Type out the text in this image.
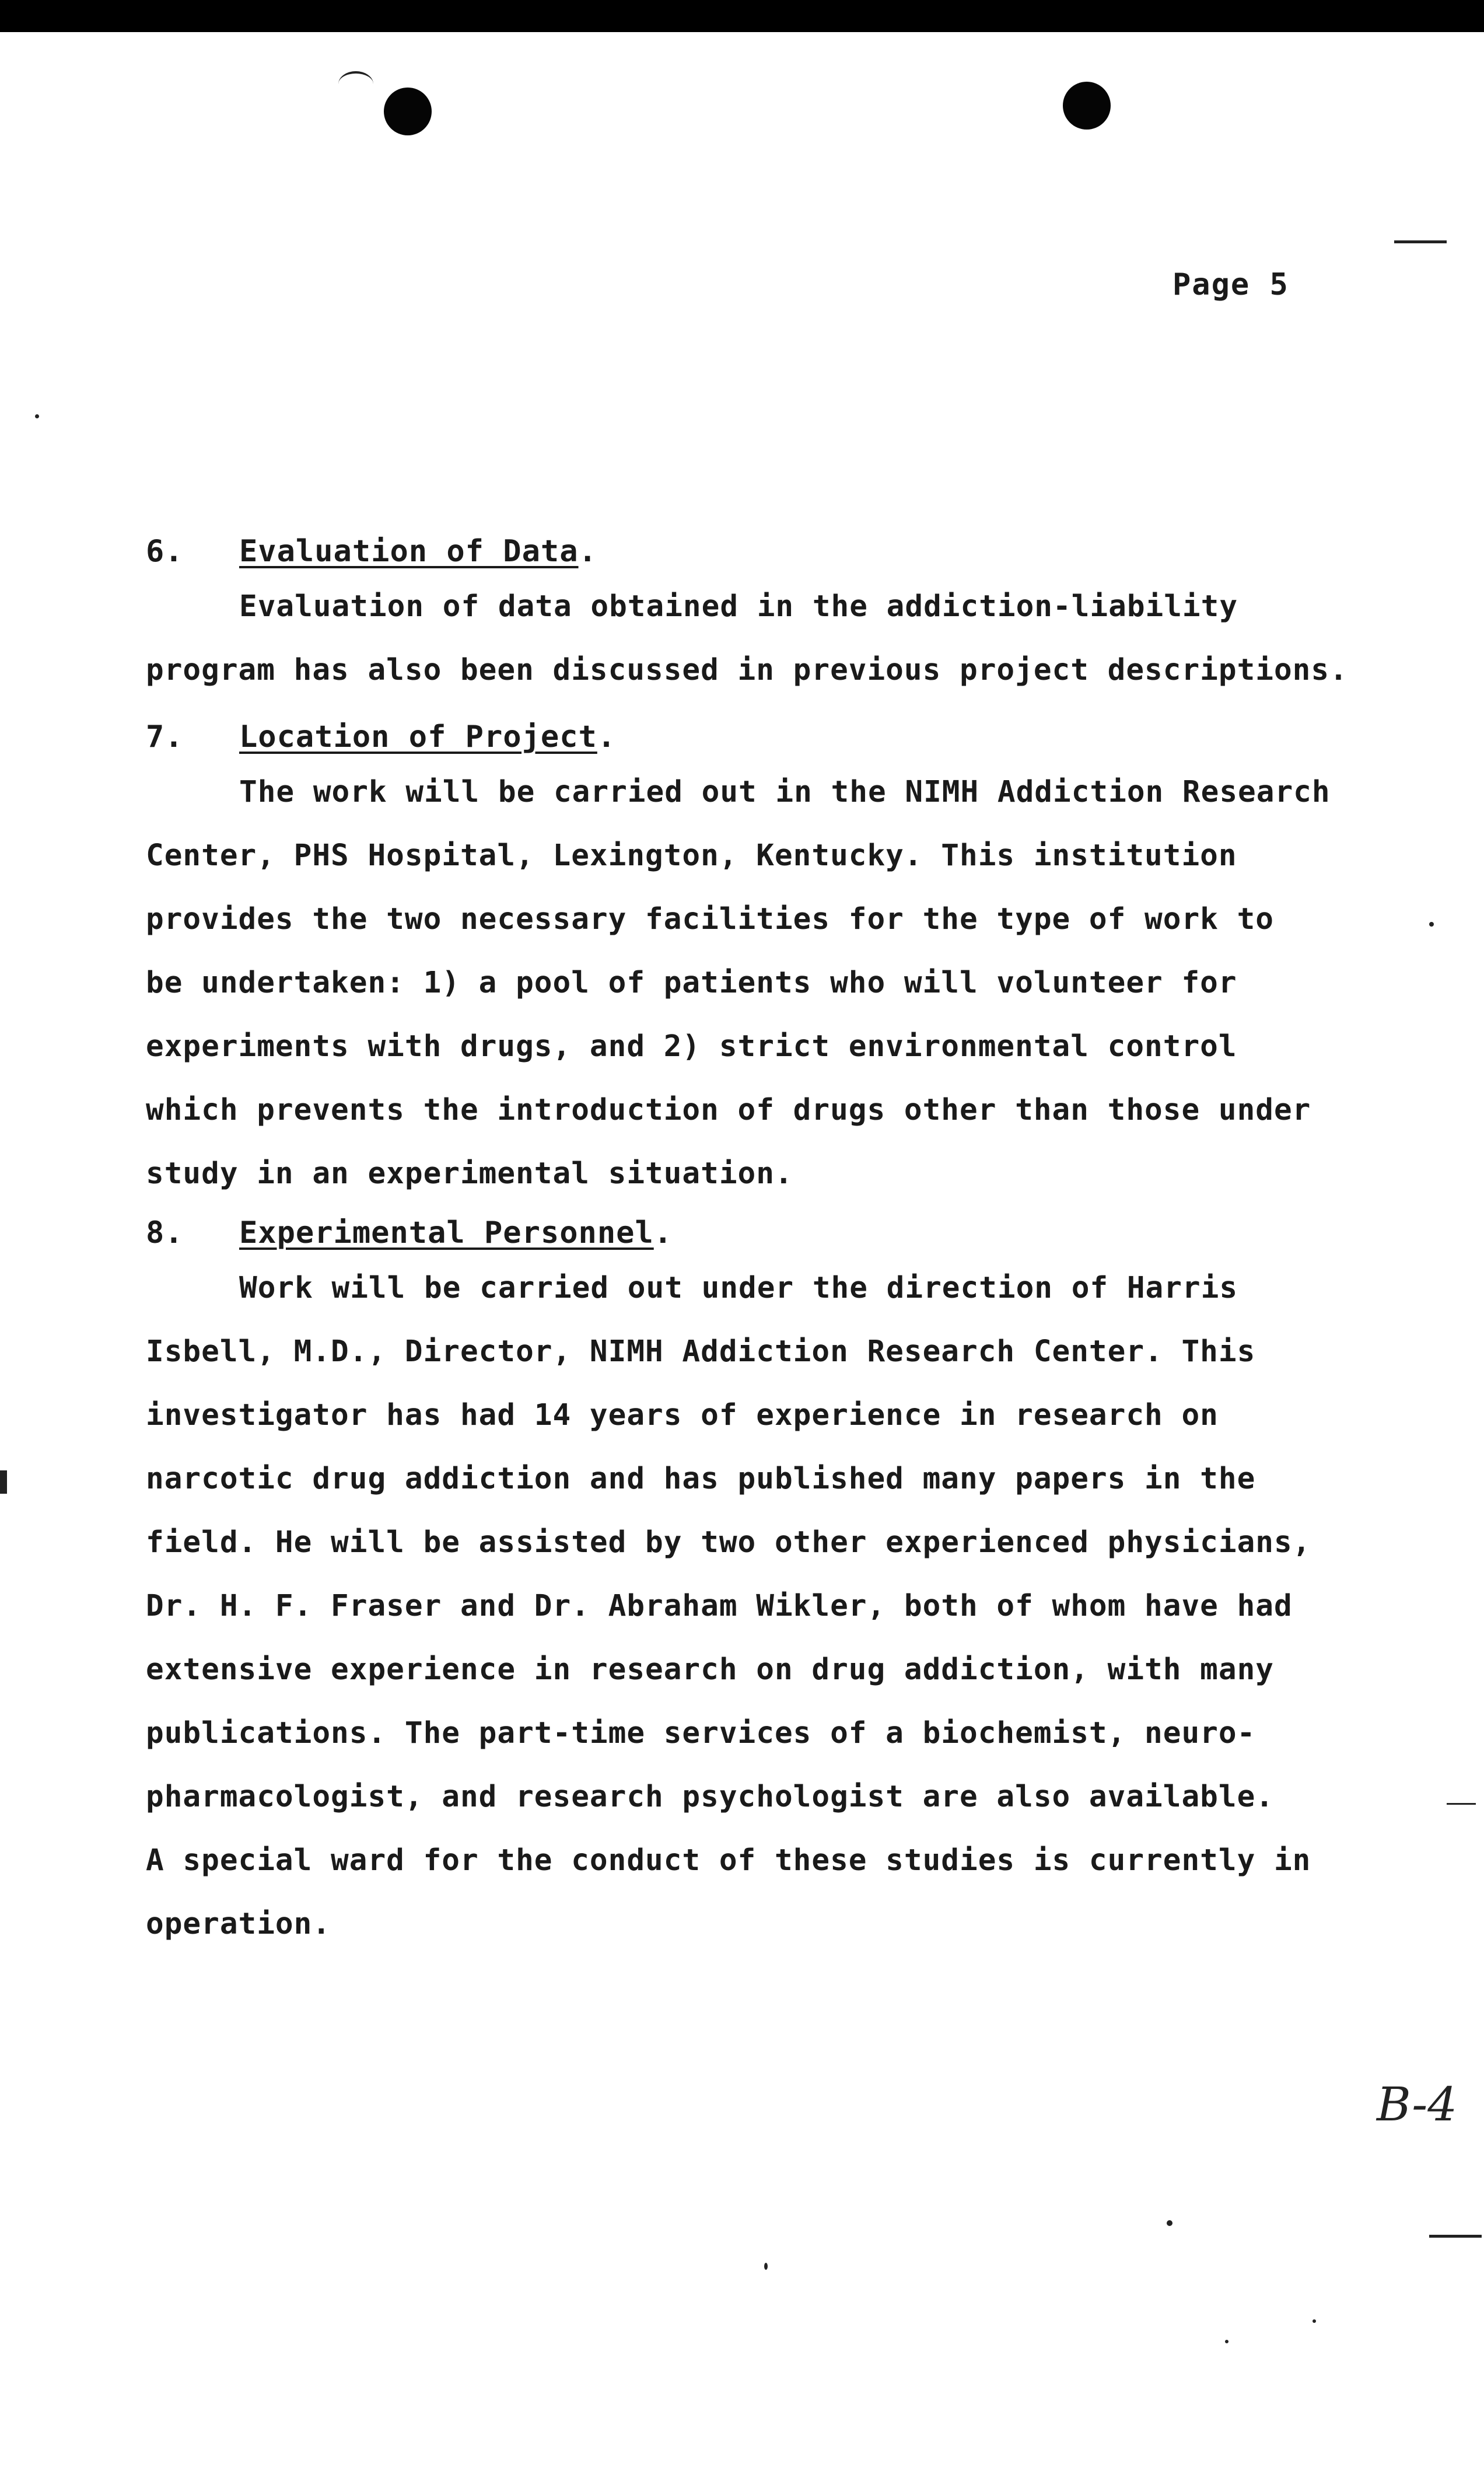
Page 5
6. Evaluation of Data.
Evaluation of data obtained in the addiction-liability
program has also been discussed in previous project descriptions.
7. Location of Project.
The work will be carried out in the NIMH Addiction Research
Center, PHS Hospital, Lexington, Kentucky. This institution
provides the two necessary facilities for the type of work to
be undertaken: 1) a pool of patients who will volunteer for
experiments with drugs, and 2) strict environmental control
which prevents the introduction of drugs other than those under
study in an experimental situation.
8. Experimental Personnel.
Work will be carried out under the direction of Harris
Isbell, M.D., Director, NIMH Addiction Research Center. This
investigator has had 14 years of experience in research on
narcotic drug addiction and has published many papers in the
field. He will be assisted by two other experienced physicians,
Dr. H. F. Fraser and Dr. Abraham Wikler, both of whom have had
extensive experience in research on drug addiction, with many
publications. The part-time services of a biochemist, neuro-
pharmacologist, and research psychologist are also available.
A special ward for the conduct of these studies is currently in
operation.
B-4
